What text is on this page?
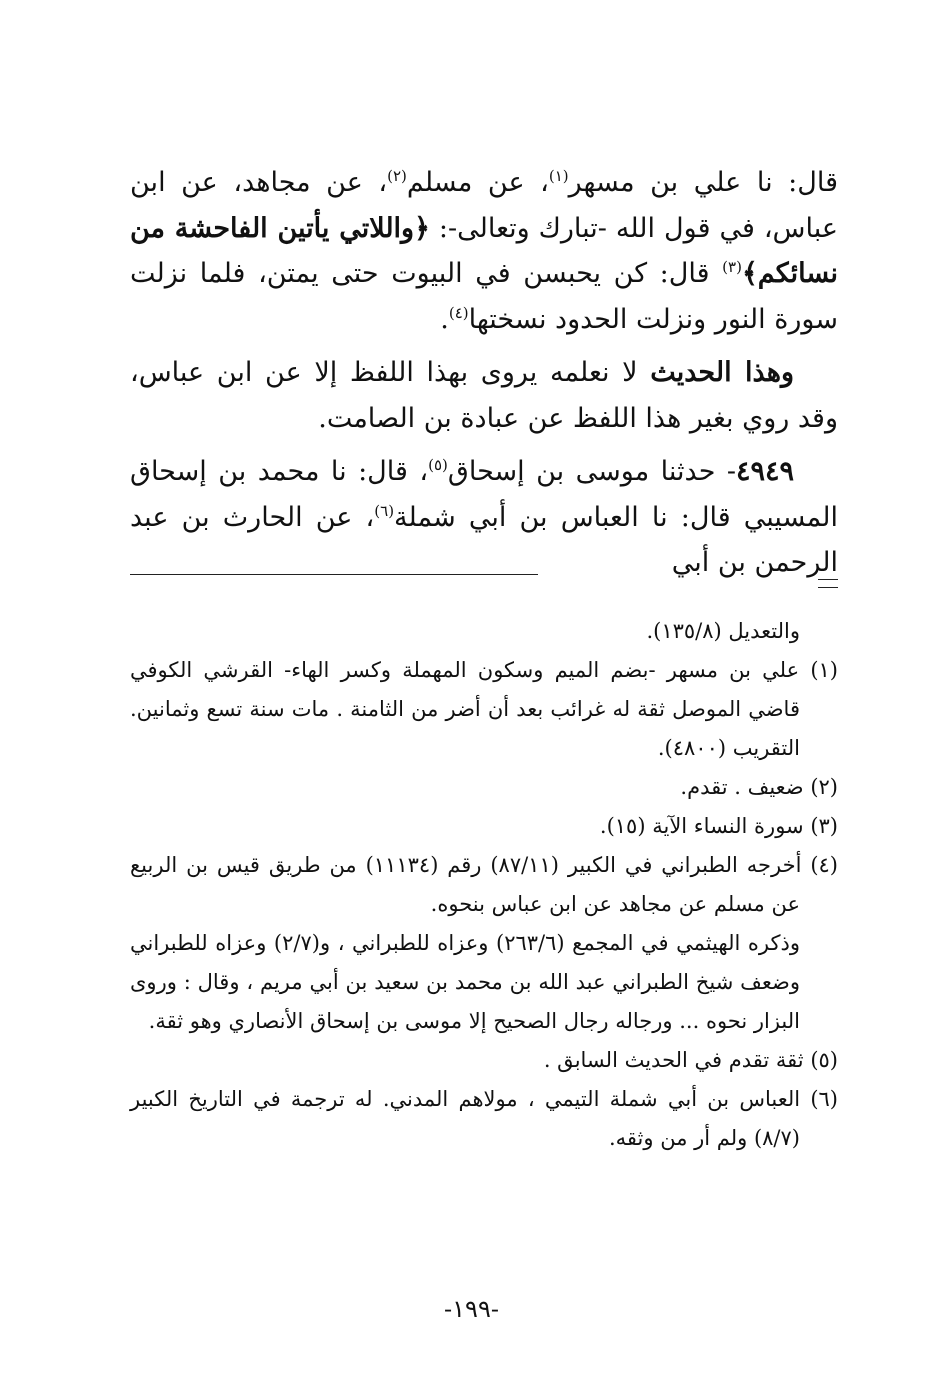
قال: نا علي بن مسهر$^{(١)}$، عن مسلم$^{(٢)}$، عن مجاهد، عن ابن عباس، في قول الله -تبارك وتعالى-: ﴿واللاتي يأتين الفاحشة من نسائكم﴾$^{(٣)}$ قال: كن يحبسن في البيوت حتى يمتن، فلما نزلت سورة النور ونزلت الحدود نسختها$^{(٤)}$.

وهذا الحديث لا نعلمه يروى بهذا اللفظ إلا عن ابن عباس، وقد روي بغير هذا اللفظ عن عبادة بن الصامت.

٤٩٤٩- حدثنا موسى بن إسحاق$^{(٥)}$، قال: نا محمد بن إسحاق المسيبي قال: نا العباس بن أبي شملة$^{(٦)}$، عن الحارث بن عبد الرحمن بن أبي

والتعديل (١٣٥/٨).
(١) علي بن مسهر -بضم الميم وسكون المهملة وكسر الهاء- القرشي الكوفي قاضي الموصل ثقة له غرائب بعد أن أضر من الثامنة . مات سنة تسع وثمانين. التقريب (٤٨٠٠).
(٢) ضعيف . تقدم.
(٣) سورة النساء الآية (١٥).
(٤) أخرجه الطبراني في الكبير (٨٧/١١) رقم (١١١٣٤) من طريق قيس بن الربيع عن مسلم عن مجاهد عن ابن عباس بنحوه.
وذكره الهيثمي في المجمع (٢٦٣/٦) وعزاه للطبراني ، و(٢/٧) وعزاه للطبراني وضعف شيخ الطبراني عبد الله بن محمد بن سعيد بن أبي مريم ، وقال : وروى البزار نحوه ... ورجاله رجال الصحيح إلا موسى بن إسحاق الأنصاري وهو ثقة.
(٥) ثقة تقدم في الحديث السابق .
(٦) العباس بن أبي شملة التيمي ، مولاهم المدني. له ترجمة في التاريخ الكبير (٨/٧) ولم أر من وثقه.
-١٩٩-
